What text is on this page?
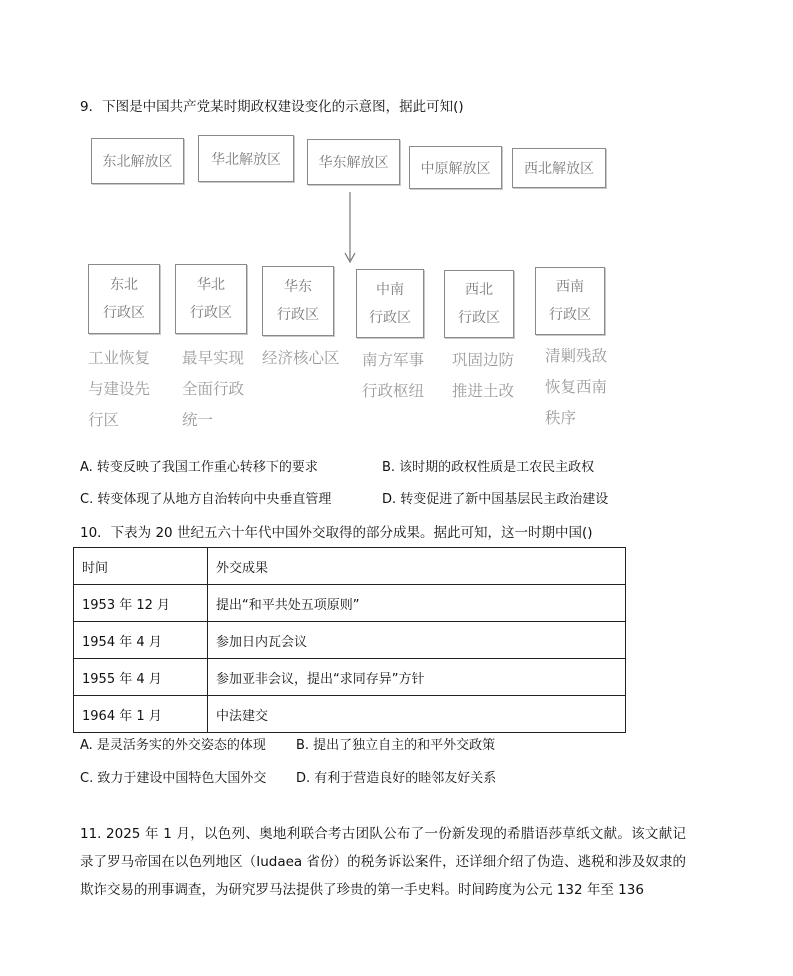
9．下图是中国共产党某时期政权建设变化的示意图，据此可知()
东北解放区	华北解放区	华东解放区	中原解放区	西北解放区
东北
行政区
华北
行政区
华东
行政区
中南
行政区
西北
行政区
西南
行政区
工业恢复
与建设先
行区
最早实现
全面行政
统一
经济核心区 南方军事
行政枢纽
巩固边防
推进土改
清剿残敌
恢复西南
秩序
A. 转变反映了我国工作重心转移下的要求	B. 该时期的政权性质是工农民主政权
C. 转变体现了从地方自治转向中央垂直管理	D. 转变促进了新中国基层民主政治建设
10．下表为 20 世纪五六十年代中国外交取得的部分成果。据此可知，这一时期中国()
时间	外交成果
1953 年 12 月	提出“和平共处五项原则”
1954 年 4 月	参加日内瓦会议
1955 年 4 月	参加亚非会议，提出“求同存异”方针
1964 年 1 月	中法建交
A. 是灵活务实的外交姿态的体现 B. 提出了独立自主的和平外交政策
C. 致力于建设中国特色大国外交 D. 有利于营造良好的睦邻友好关系
11. 2025 年 1 月，以色列、奥地利联合考古团队公布了一份新发现的希腊语莎草纸文献。该文献记录了罗马帝国在以色列地区（Iudaea 省份）的税务诉讼案件，还详细介绍了伪造、逃税和涉及奴隶的欺诈交易的刑事调查，为研究罗马法提供了珍贵的第一手史料。时间跨度为公元 132 年至 136
